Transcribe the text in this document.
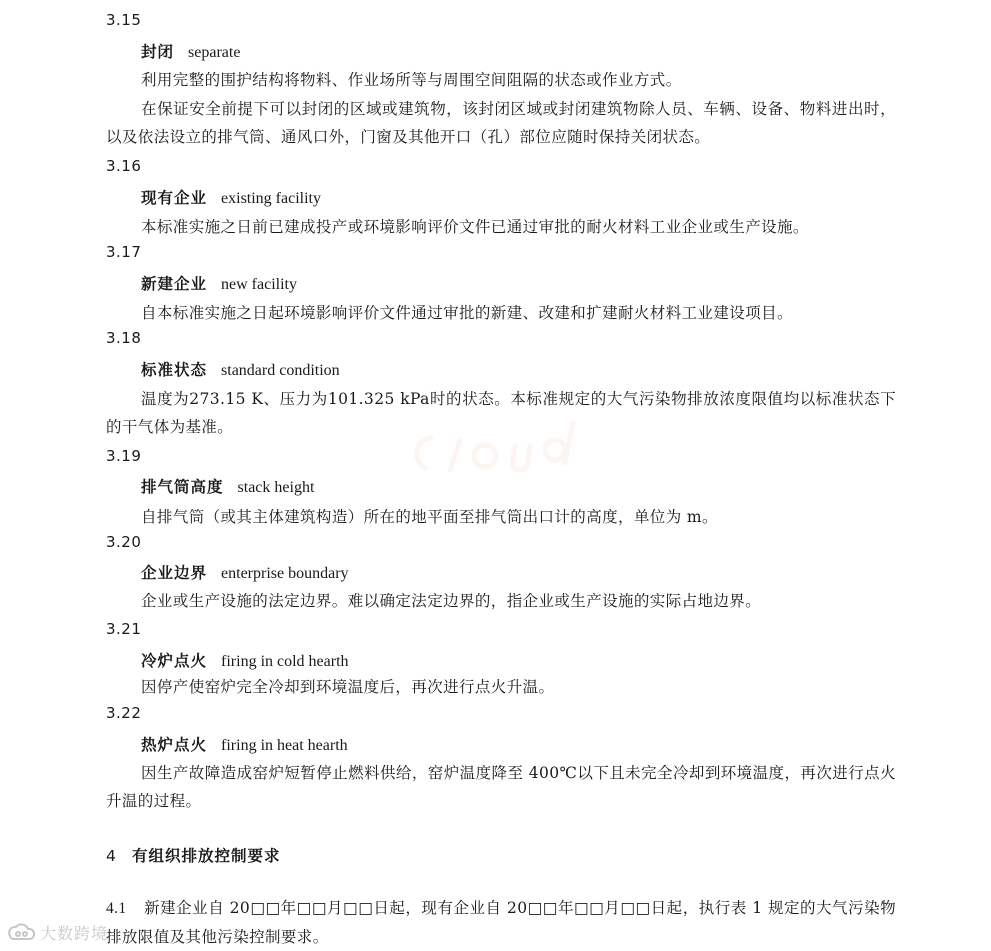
3.15
封闭 separate
利用完整的围护结构将物料、作业场所等与周围空间阻隔的状态或作业方式。
在保证安全前提下可以封闭的区域或建筑物，该封闭区域或封闭建筑物除人员、车辆、设备、物料进出时，以及依法设立的排气筒、通风口外，门窗及其他开口（孔）部位应随时保持关闭状态。
3.16
现有企业 existing facility
本标准实施之日前已建成投产或环境影响评价文件已通过审批的耐火材料工业企业或生产设施。
3.17
新建企业 new facility
自本标准实施之日起环境影响评价文件通过审批的新建、改建和扩建耐火材料工业建设项目。
3.18
标准状态 standard condition
温度为273.15 K、压力为101.325 kPa时的状态。本标准规定的大气污染物排放浓度限值均以标准状态下的干气体为基准。
3.19
排气筒高度 stack height
自排气筒（或其主体建筑构造）所在的地平面至排气筒出口计的高度，单位为 m。
3.20
企业边界 enterprise boundary
企业或生产设施的法定边界。难以确定法定边界的，指企业或生产设施的实际占地边界。
3.21
冷炉点火 firing in cold hearth
因停产使窑炉完全冷却到环境温度后，再次进行点火升温。
3.22
热炉点火 firing in heat hearth
因生产故障造成窑炉短暂停止燃料供给，窑炉温度降至 400℃以下且未完全冷却到环境温度，再次进行点火升温的过程。
4 有组织排放控制要求
4.1 新建企业自 20□□年□□月□□日起，现有企业自 20□□年□□月□□日起，执行表 1 规定的大气污染物排放限值及其他污染控制要求。
大数跨境
